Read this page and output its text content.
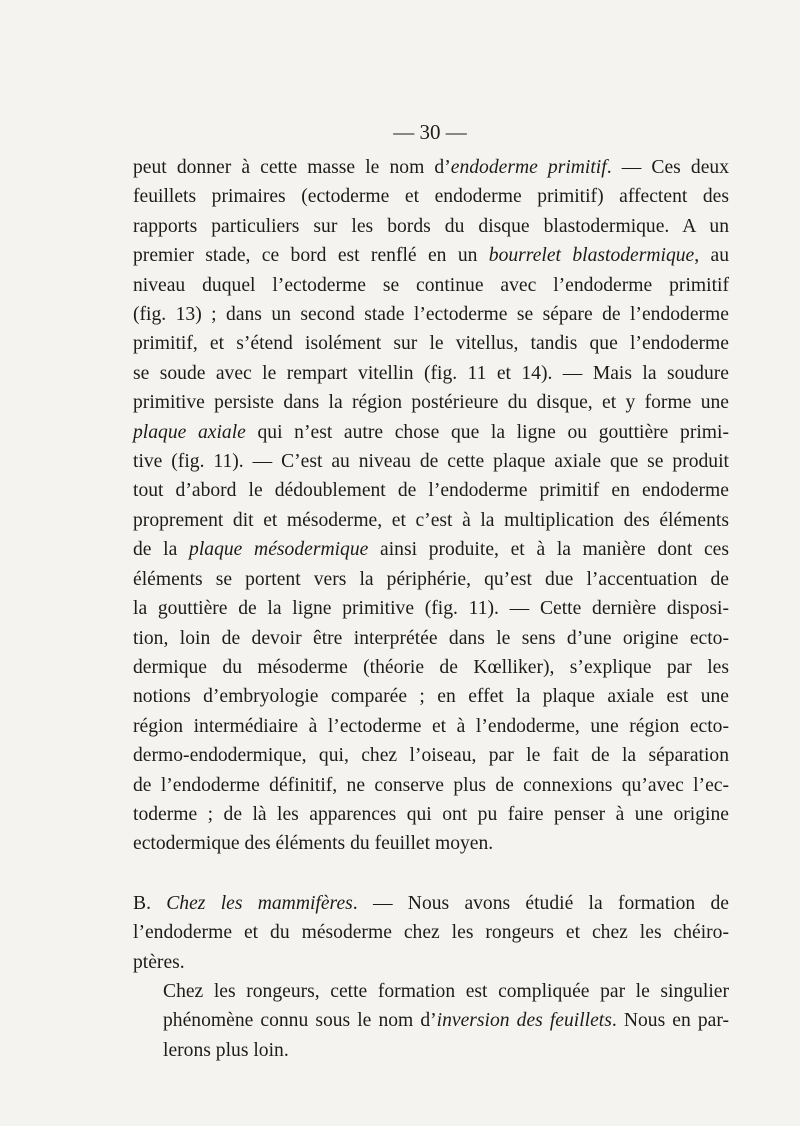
— 30 —

peut donner à cette masse le nom d’endoderme primitif. — Ces deux
feuillets primaires (ectoderme et endoderme primitif) affectent des
rapports particuliers sur les bords du disque blastodermique. A un
premier stade, ce bord est renflé en un bourrelet blastodermique, au
niveau duquel l’ectoderme se continue avec l’endoderme primitif
(fig. 13) ; dans un second stade l’ectoderme se sépare de l’endoderme
primitif, et s’étend isolément sur le vitellus, tandis que l’endoderme
se soude avec le rempart vitellin (fig. 11 et 14). — Mais la soudure
primitive persiste dans la région postérieure du disque, et y forme une
plaque axiale qui n’est autre chose que la ligne ou gouttière primi-
tive (fig. 11). — C’est au niveau de cette plaque axiale que se produit
tout d’abord le dédoublement de l’endoderme primitif en endoderme
proprement dit et mésoderme, et c’est à la multiplication des éléments
de la plaque mésodermique ainsi produite, et à la manière dont ces
éléments se portent vers la périphérie, qu’est due l’accentuation de
la gouttière de la ligne primitive (fig. 11). — Cette dernière disposi-
tion, loin de devoir être interprétée dans le sens d’une origine ecto-
dermique du mésoderme (théorie de Kœlliker), s’explique par les
notions d’embryologie comparée ; en effet la plaque axiale est une
région intermédiaire à l’ectoderme et à l’endoderme, une région ecto-
dermo-endodermique, qui, chez l’oiseau, par le fait de la séparation
de l’endoderme définitif, ne conserve plus de connexions qu’avec l’ec-
toderme ; de là les apparences qui ont pu faire penser à une origine
ectodermique des éléments du feuillet moyen.

B. Chez les mammifères. — Nous avons étudié la formation de
l’endoderme et du mésoderme chez les rongeurs et chez les chéiro-
ptères.

Chez les rongeurs, cette formation est compliquée par le singulier
phénomène connu sous le nom d’inversion des feuillets. Nous en par-
lerons plus loin.
